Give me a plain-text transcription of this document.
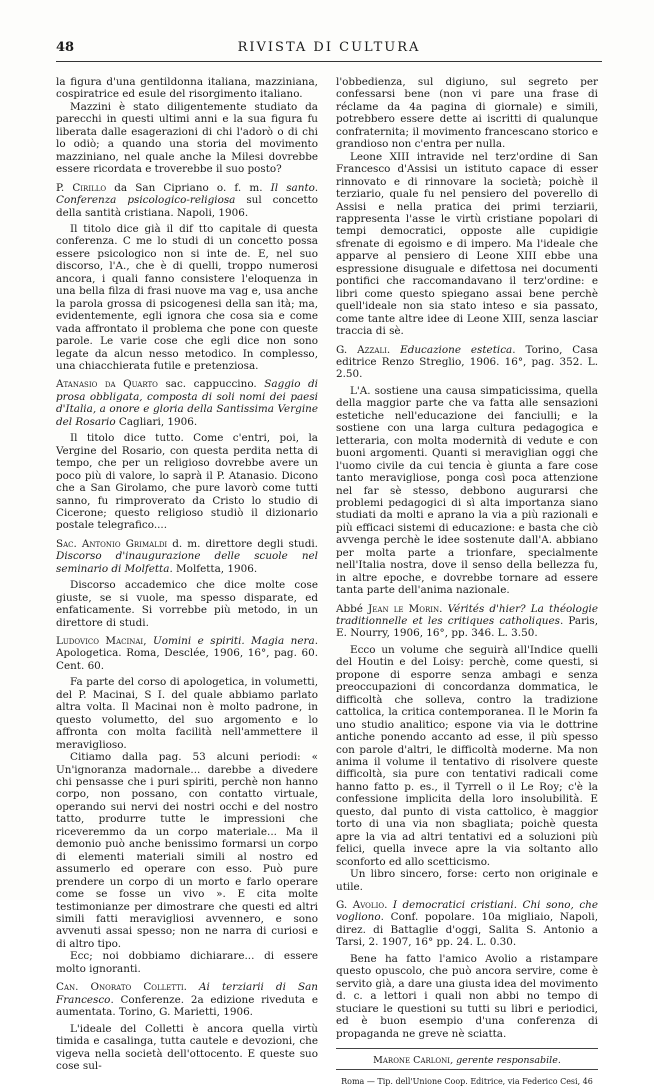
48	RIVISTA DI CULTURA

la figura d'una gentildonna italiana, mazziniana, cospiratrice ed esule del risorgimento italiano.

Mazzini è stato diligentemente studiato da parecchi in questi ultimi anni e la sua figura fu liberata dalle esagerazioni di chi l'adorò o di chi lo odiò; a quando una storia del movimento mazziniano, nel quale anche la Milesi dovrebbe essere ricordata e troverebbe il suo posto?

P. Cirillo da San Cipriano o. f. m. Il santo. Conferenza psicologico-religiosa sul concetto della santità cristiana. Napoli, 1906.

Il titolo dice già il dif tto capitale di questa conferenza. C me lo studi di un concetto possa essere psicologico non si inte de. E, nel suo discorso, l'A., che è di quelli, troppo numerosi ancora, i quali fanno consistere l'eloquenza in una bella filza di frasi nuove ma vag e, usa anche la parola grossa di psicogenesi della san ità; ma, evidentemente, egli ignora che cosa sia e come vada affrontato il problema che pone con queste parole. Le varie cose che egli dice non sono legate da alcun nesso metodico. In complesso, una chiacchierata futile e pretenziosa.

Atanasio da Quarto sac. cappuccino. Saggio di prosa obbligata, composta di soli nomi dei paesi d'Italia, a onore e gloria della Santissima Vergine del Rosario Cagliari, 1906.

Il titolo dice tutto. Come c'entri, poi, la Vergine del Rosario, con questa perdita netta di tempo, che per un religioso dovrebbe avere un poco più di valore, lo saprà il P. Atanasio. Dicono che a San Girolamo, che pure lavorò come tutti sanno, fu rimproverato da Cristo lo studio di Cicerone; questo religioso studiò il dizionario postale telegrafico....

Sac. Antonio Grimaldi d. m. direttore degli studi. Discorso d'inaugurazione delle scuole nel seminario di Molfetta. Molfetta, 1906.

Discorso accademico che dice molte cose giuste, se si vuole, ma spesso disparate, ed enfaticamente. Si vorrebbe più metodo, in un direttore di studi.

Ludovico Macinai, Uomini e spiriti. Magia nera. Apologetica. Roma, Desclée, 1906, 16°, pag. 60. Cent. 60.

Fa parte del corso di apologetica, in volumetti, del P. Macinai, S I. del quale abbiamo parlato altra volta. Il Macinai non è molto padrone, in questo volumetto, del suo argomento e lo affronta con molta facilità nell'ammettere il meraviglioso.

Citiamo dalla pag. 53 alcuni periodi: « Un'ignoranza madornale... darebbe a divedere chi pensasse che i puri spiriti, perchè non hanno corpo, non possano, con contatto virtuale, operando sui nervi dei nostri occhi e del nostro tatto, produrre tutte le impressioni che riceveremmo da un corpo materiale... Ma il demonio può anche benissimo formarsi un corpo di elementi materiali simili al nostro ed assumerlo ed operare con esso. Può pure prendere un corpo di un morto e farlo operare come se fosse un vivo ». E cita molte testimonianze per dimostrare che questi ed altri simili fatti meravigliosi avvennero, e sono avvenuti assai spesso; non ne narra di curiosi e di altro tipo.

Ecc; noi dobbiamo dichiarare... di essere molto ignoranti.

Can. Onorato Colletti. Ai terziarii di San Francesco. Conferenze. 2a edizione riveduta e aumentata. Torino, G. Marietti, 1906.

L'ideale del Colletti è ancora quella virtù timida e casalinga, tutta cautele e devozioni, che vigeva nella società dell'ottocento. E queste suo cose sul-

l'obbedienza, sul digiuno, sul segreto per confessarsi bene (non vi pare una frase di réclame da 4a pagina di giornale) e simili, potrebbero essere dette ai iscritti di qualunque confraternita; il movimento francescano storico e grandioso non c'entra per nulla.

Leone XIII intravide nel terz'ordine di San Francesco d'Assisi un istituto capace di esser rinnovato e di rinnovare la società; poichè il terziario, quale fu nel pensiero del poverello di Assisi e nella pratica dei primi terziarii, rappresenta l'asse le virtù cristiane popolari di tempi democratici, opposte alle cupidigie sfrenate di egoismo e di impero. Ma l'ideale che apparve al pensiero di Leone XIII ebbe una espressione disuguale e difettosa nei documenti pontifici che raccomandavano il terz'ordine: e libri come questo spiegano assai bene perchè quell'ideale non sia stato inteso e sia passato, come tante altre idee di Leone XIII, senza lasciar traccia di sè.

G. Azzali. Educazione estetica. Torino, Casa editrice Renzo Streglio, 1906. 16°, pag. 352. L. 2.50.

L'A. sostiene una causa simpaticissima, quella della maggior parte che va fatta alle sensazioni estetiche nell'educazione dei fanciulli; e la sostiene con una larga cultura pedagogica e letteraria, con molta modernità di vedute e con buoni argomenti. Quanti si meraviglian oggi che l'uomo civile da cui tencia è giunta a fare cose tanto meravigliose, ponga così poca attenzione nel far sè stesso, debbono augurarsi che problemi pedagogici di sì alta importanza siano studiati da molti e aprano la via a più razionali e più efficaci sistemi di educazione: e basta che ciò avvenga perchè le idee sostenute dall'A. abbiano per molta parte a trionfare, specialmente nell'Italia nostra, dove il senso della bellezza fu, in altre epoche, e dovrebbe tornare ad essere tanta parte dell'anima nazionale.

Abbé Jean le Morin. Vérités d'hier? La théologie traditionnelle et les critiques catholiques. Paris, E. Nourry, 1906, 16°, pp. 346. L. 3.50.

Ecco un volume che seguirà all'Indice quelli del Houtin e del Loisy: perchè, come questi, si propone di esporre senza ambagi e senza preoccupazioni di concordanza dommatica, le difficoltà che solleva, contro la tradizione cattolica, la critica contemporanea. Il le Morin fa uno studio analitico; espone via via le dottrine antiche ponendo accanto ad esse, il più spesso con parole d'altri, le difficoltà moderne. Ma non anima il volume il tentativo di risolvere queste difficoltà, sia pure con tentativi radicali come hanno fatto p. es., il Tyrrell o il Le Roy; c'è la confessione implicita della loro insolubilità. E questo, dal punto di vista cattolico, è maggior torto di una via non sbagliata; poichè questa apre la via ad altri tentativi ed a soluzioni più felici, quella invece apre la via soltanto allo sconforto ed allo scetticismo.

Un libro sincero, forse: certo non originale e utile.

G. Avolio. I democratici cristiani. Chi sono, che vogliono. Conf. popolare. 10a migliaio, Napoli, direz. di Battaglie d'oggi, Salita S. Antonio a Tarsi, 2. 1907, 16° pp. 24. L. 0.30.

Bene ha fatto l'amico Avolio a ristampare questo opuscolo, che può ancora servire, come è servito già, a dare una giusta idea del movimento d. c. a lettori i quali non abbi no tempo di stuciare le questioni su tutti su libri e periodici, ed è buon esempio d'una conferenza di propaganda ne greve nè sciatta.

Marone Carloni, gerente responsabile.

Roma — Tip. dell'Unione Coop. Editrice, via Federico Cesi, 46
